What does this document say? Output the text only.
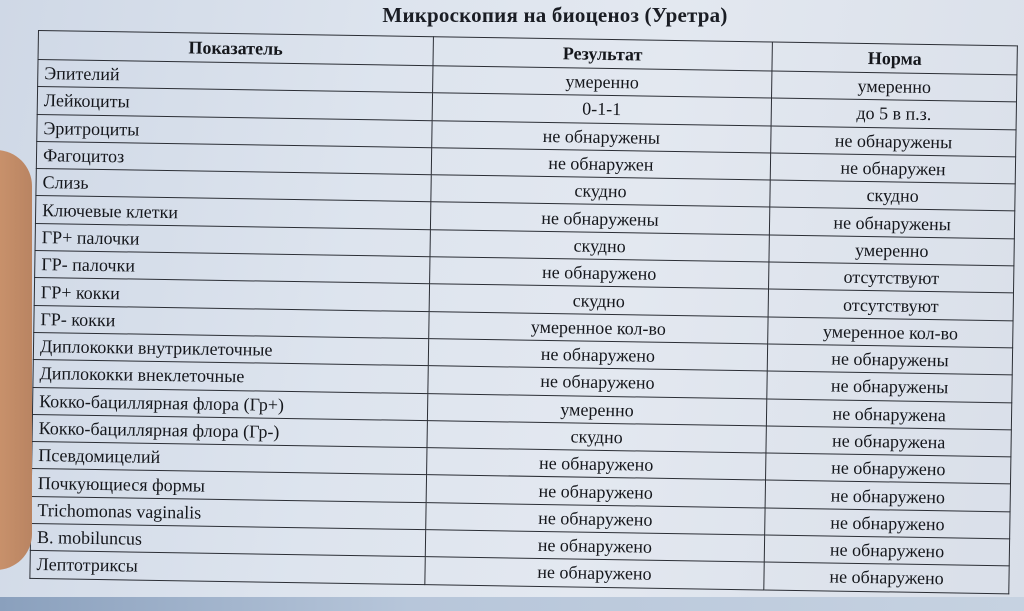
Микроскопия на биоценоз (Уретра)
Показатель	Результат	Норма
Эпителий	умеренно	умеренно
Лейкоциты	0-1-1	до 5 в п.з.
Эритроциты	не обнаружены	не обнаружены
Фагоцитоз	не обнаружен	не обнаружен
Слизь	скудно	скудно
Ключевые клетки	не обнаружены	не обнаружены
ГР+ палочки	скудно	умеренно
ГР- палочки	не обнаружено	отсутствуют
ГР+ кокки	скудно	отсутствуют
ГР- кокки	умеренное кол-во	умеренное кол-во
Диплококки внутриклеточные	не обнаружено	не обнаружены
Диплококки внеклеточные	не обнаружено	не обнаружены
Кокко-бациллярная флора (Гр+)	умеренно	не обнаружена
Кокко-бациллярная флора (Гр-)	скудно	не обнаружена
Псевдомицелий	не обнаружено	не обнаружено
Почкующиеся формы	не обнаружено	не обнаружено
Trichomonas vaginalis	не обнаружено	не обнаружено
B. mobiluncus	не обнаружено	не обнаружено
Лептотриксы	не обнаружено	не обнаружено
